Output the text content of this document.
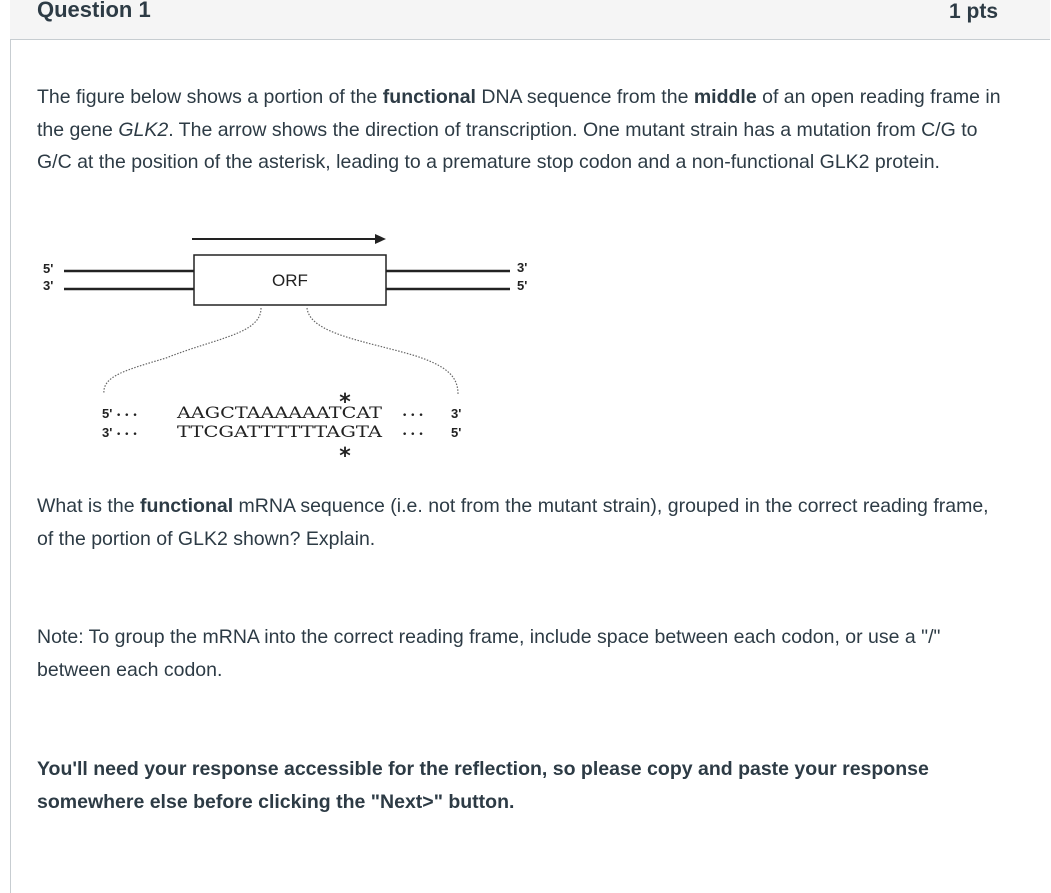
Question 1	1 pts

The figure below shows a portion of the functional DNA sequence from the middle of an open reading frame in the gene GLK2. The arrow shows the direction of transcription. One mutant strain has a mutation from C/G to G/C at the position of the asterisk, leading to a premature stop codon and a non-functional GLK2 protein.

ORF
5'
3'
3'
5'
*
*
5' • • • AAGCTAAAAAATCAT • • • 3'
3' • • •	TTCGATTTTTTAGTA • • • 5'

What is the functional mRNA sequence (i.e. not from the mutant strain), grouped in the correct reading frame, of the portion of GLK2 shown? Explain.

Note: To group the mRNA into the correct reading frame, include space between each codon, or use a "/" between each codon.

You'll need your response accessible for the reflection, so please copy and paste your response somewhere else before clicking the "Next>" button.
